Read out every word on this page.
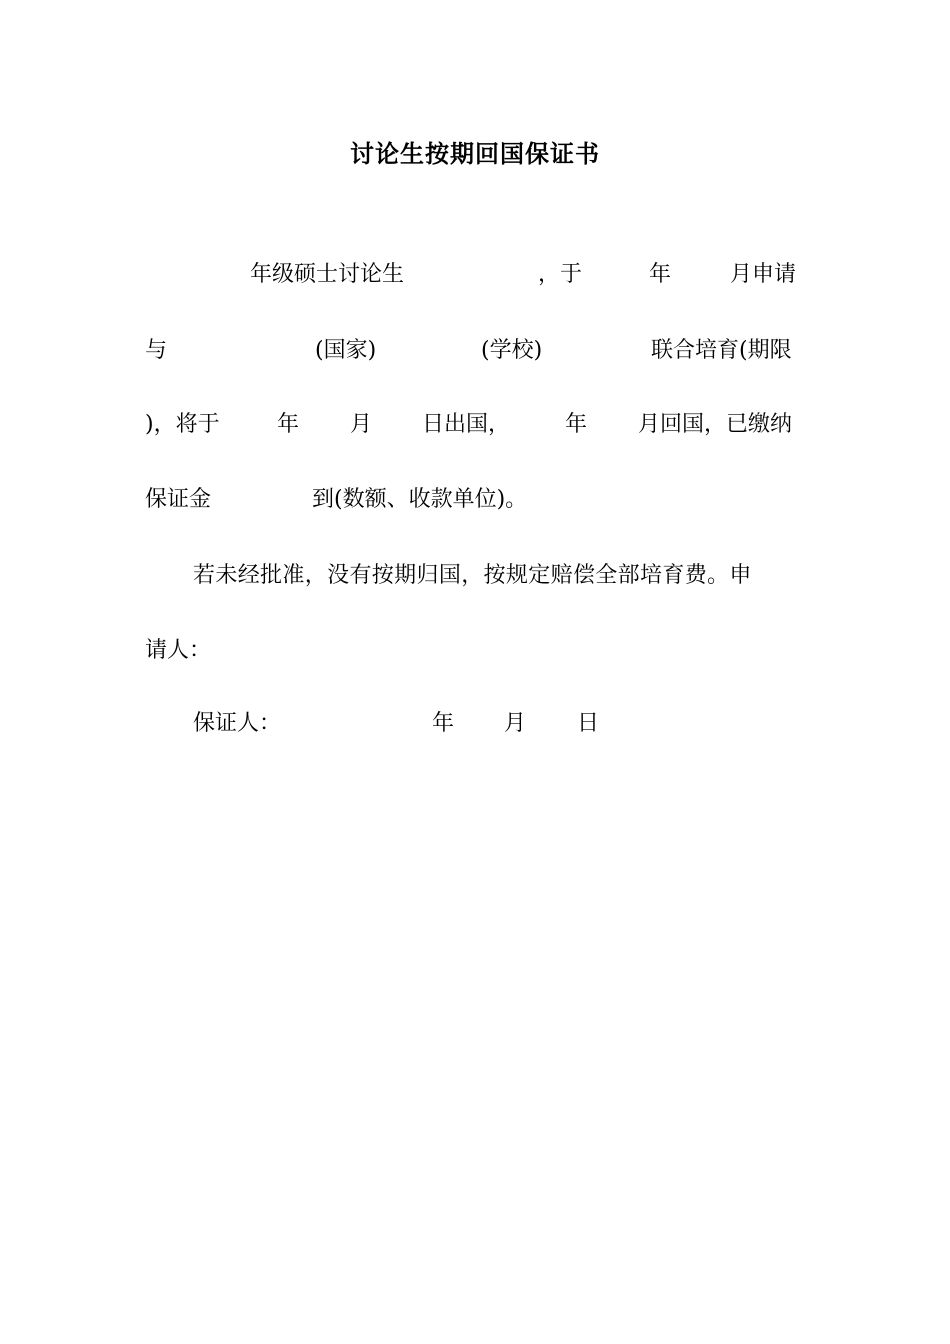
讨论生按期回国保证书
年级硕士讨论生	，于	年	月申请
与	(国家)	(学校)	联合培育(期限
)，将于	年 月 日出国， 年 月回国，已缴纳
保证金	到(数额、收款单位)。
若未经批准，没有按期归国，按规定赔偿全部培育费。申
请人：
保证人：	年 月 日
